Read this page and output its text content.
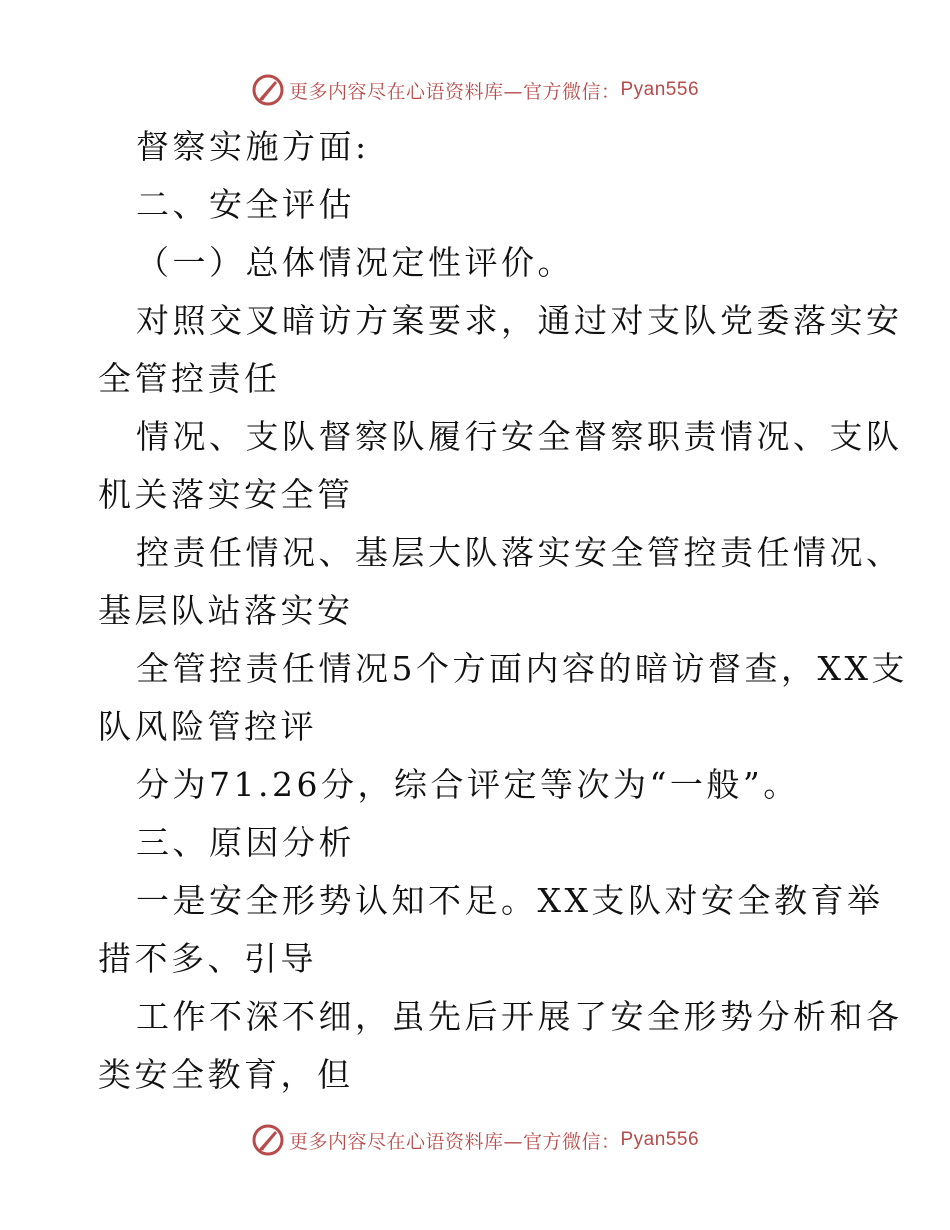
更多内容尽在心语资料库—官方微信： Pyan556
督察实施方面:
二、安全评估
（一）总体情况定性评价。
对照交叉暗访方案要求，通过对支队党委落实安
全管控责任
情况、支队督察队履行安全督察职责情况、支队
机关落实安全管
控责任情况、基层大队落实安全管控责任情况、
基层队站落实安
全管控责任情况5个方面内容的暗访督查，XX支
队风险管控评
分为71.26分，综合评定等次为“一般”。
三、原因分析
一是安全形势认知不足。XX支队对安全教育举
措不多、引导
工作不深不细，虽先后开展了安全形势分析和各
类安全教育，但
更多内容尽在心语资料库—官方微信： Pyan556
